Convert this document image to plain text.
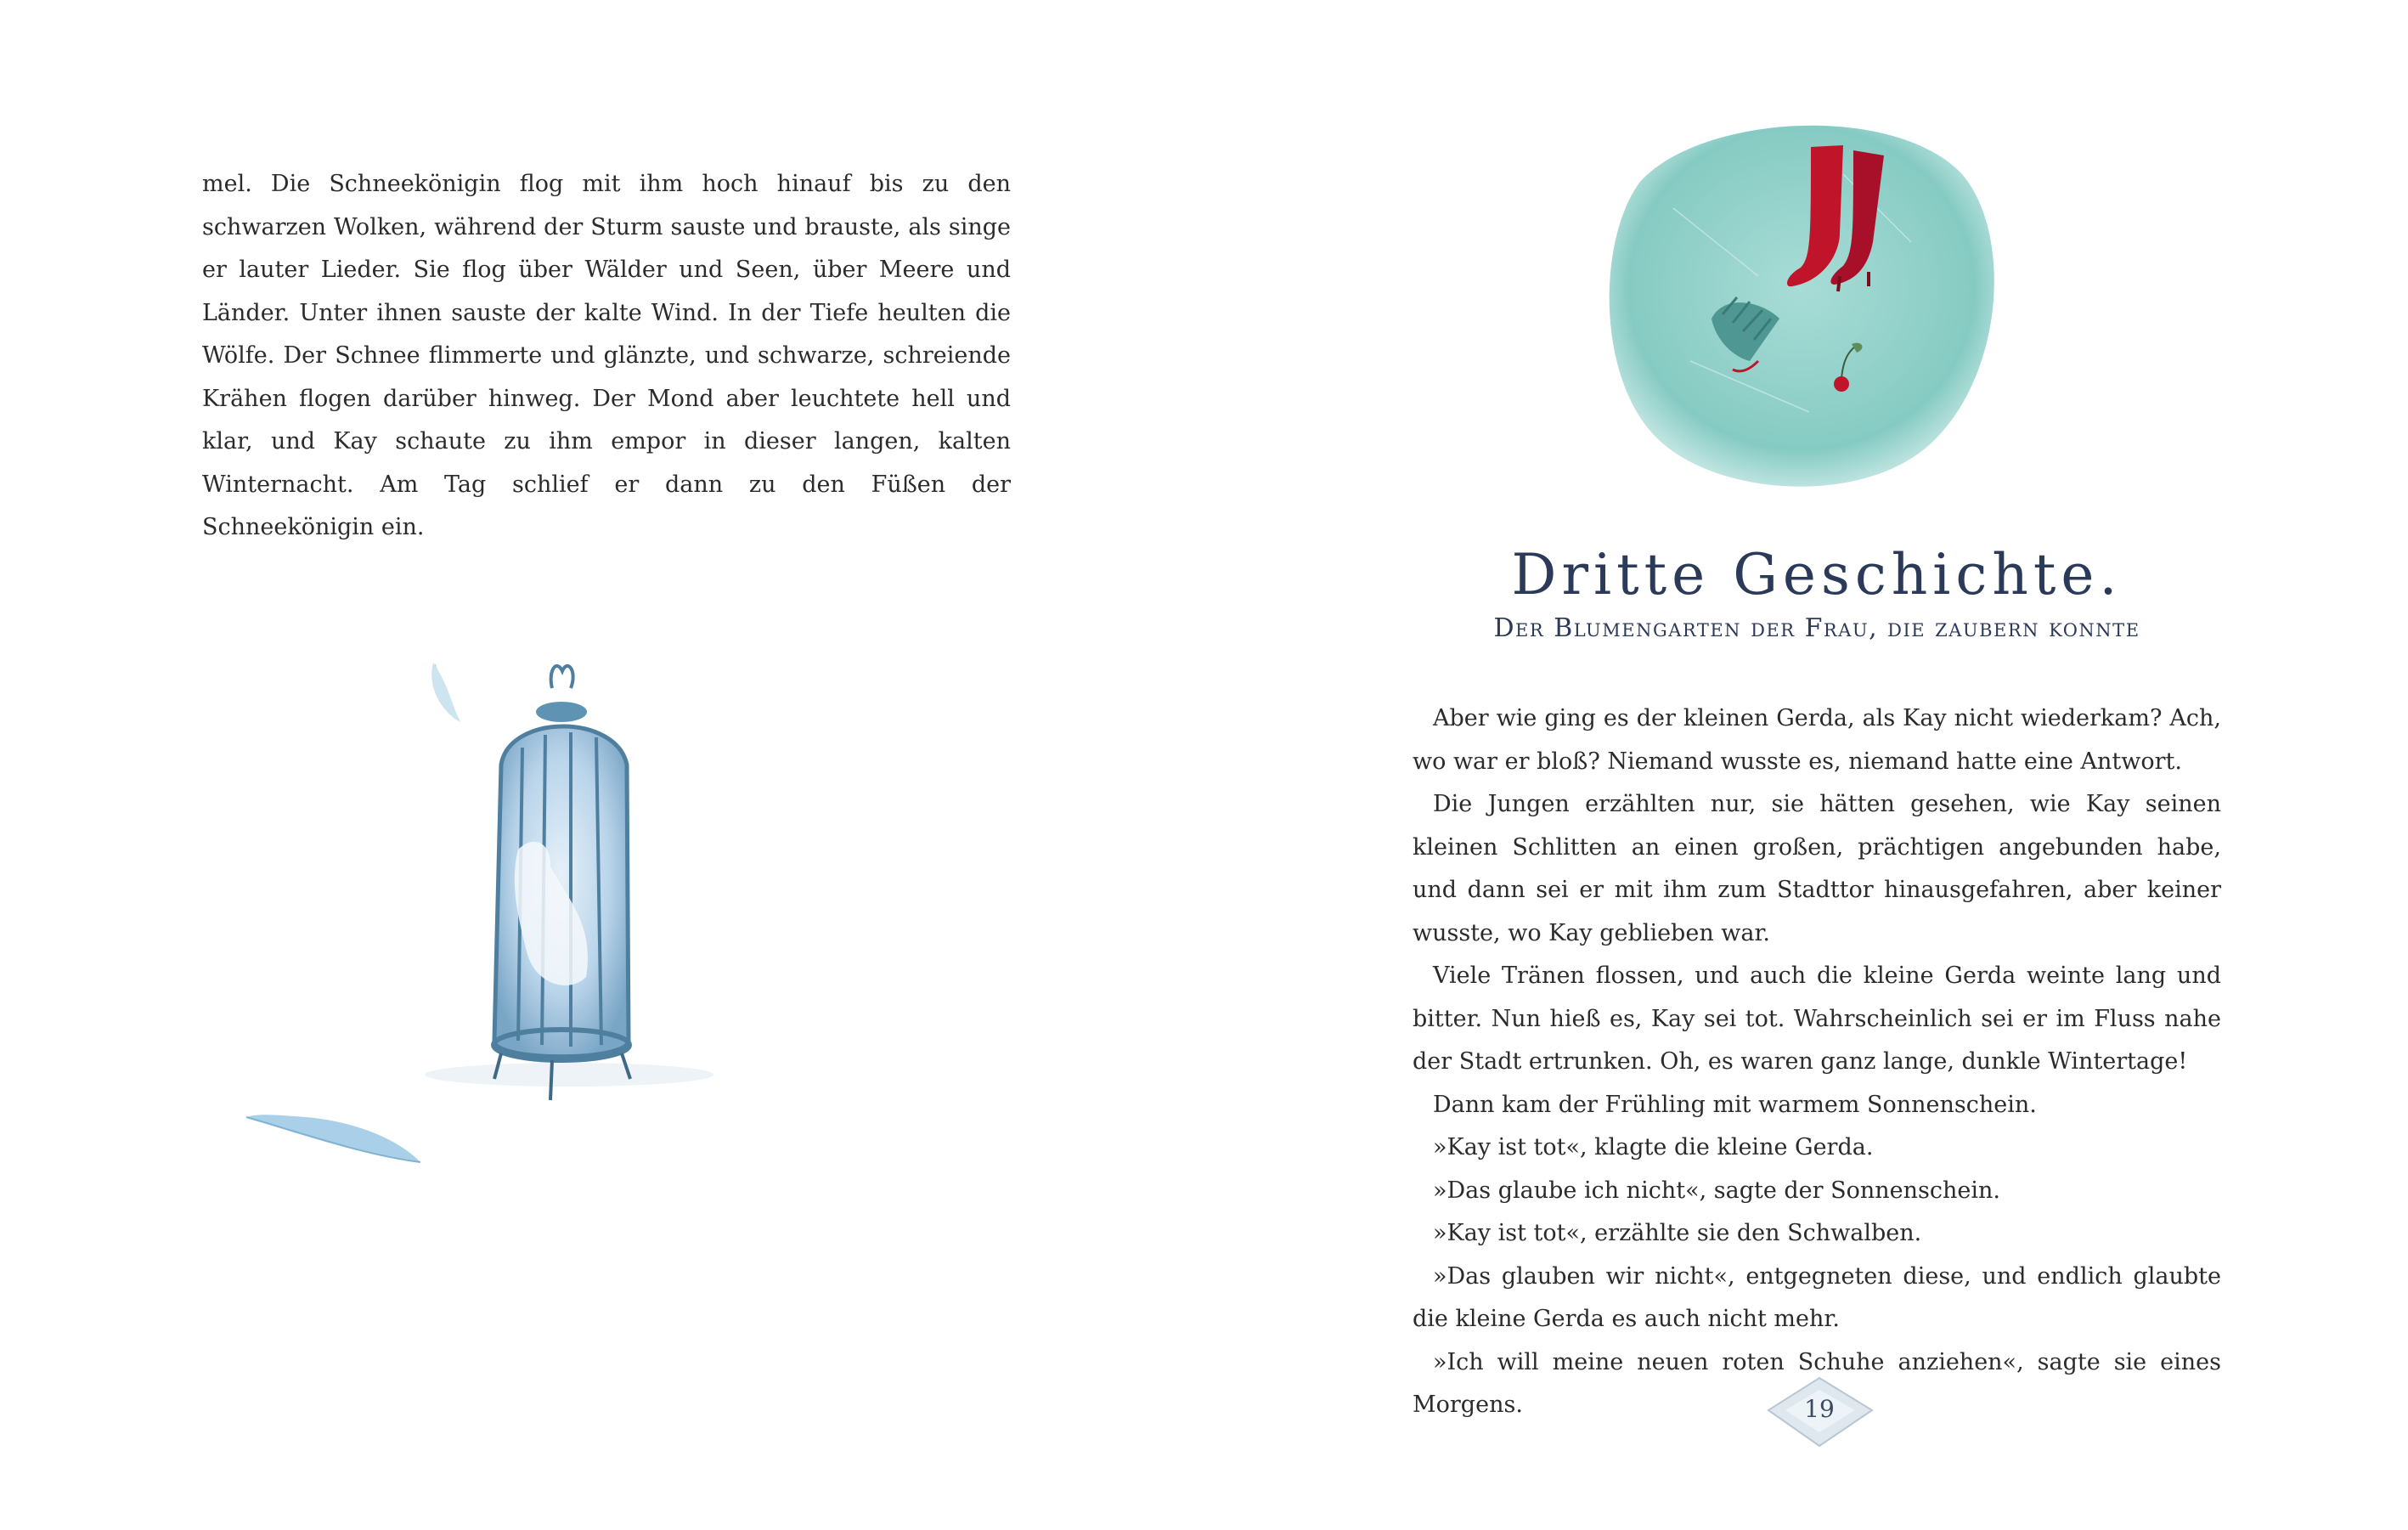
mel. Die Schneekönigin flog mit ihm hoch hinauf bis zu den schwarzen Wolken, während der Sturm sauste und brauste, als singe er lauter Lieder. Sie flog über Wälder und Seen, über Meere und Länder. Unter ihnen sauste der kalte Wind. In der Tiefe heulten die Wölfe. Der Schnee flimmerte und glänzte, und schwarze, schreiende Krähen flogen darüber hinweg. Der Mond aber leuchtete hell und klar, und Kay schaute zu ihm empor in dieser langen, kalten Winternacht. Am Tag schlief er dann zu den Füßen der Schneekönigin ein.

Dritte Geschichte.
Der Blumengarten der Frau, die zaubern konnte

Aber wie ging es der kleinen Gerda, als Kay nicht wiederkam? Ach, wo war er bloß? Niemand wusste es, niemand hatte eine Antwort.

Die Jungen erzählten nur, sie hätten gesehen, wie Kay seinen kleinen Schlitten an einen großen, prächtigen angebunden habe, und dann sei er mit ihm zum Stadttor hinausgefahren, aber keiner wusste, wo Kay geblieben war.

Viele Tränen flossen, und auch die kleine Gerda weinte lang und bitter. Nun hieß es, Kay sei tot. Wahrscheinlich sei er im Fluss nahe der Stadt ertrunken. Oh, es waren ganz lange, dunkle Wintertage!

Dann kam der Frühling mit warmem Sonnenschein.

»Kay ist tot«, klagte die kleine Gerda.

»Das glaube ich nicht«, sagte der Sonnenschein.

»Kay ist tot«, erzählte sie den Schwalben.

»Das glauben wir nicht«, entgegneten diese, und endlich glaubte die kleine Gerda es auch nicht mehr.

»Ich will meine neuen roten Schuhe anziehen«, sagte sie eines Morgens.	19
